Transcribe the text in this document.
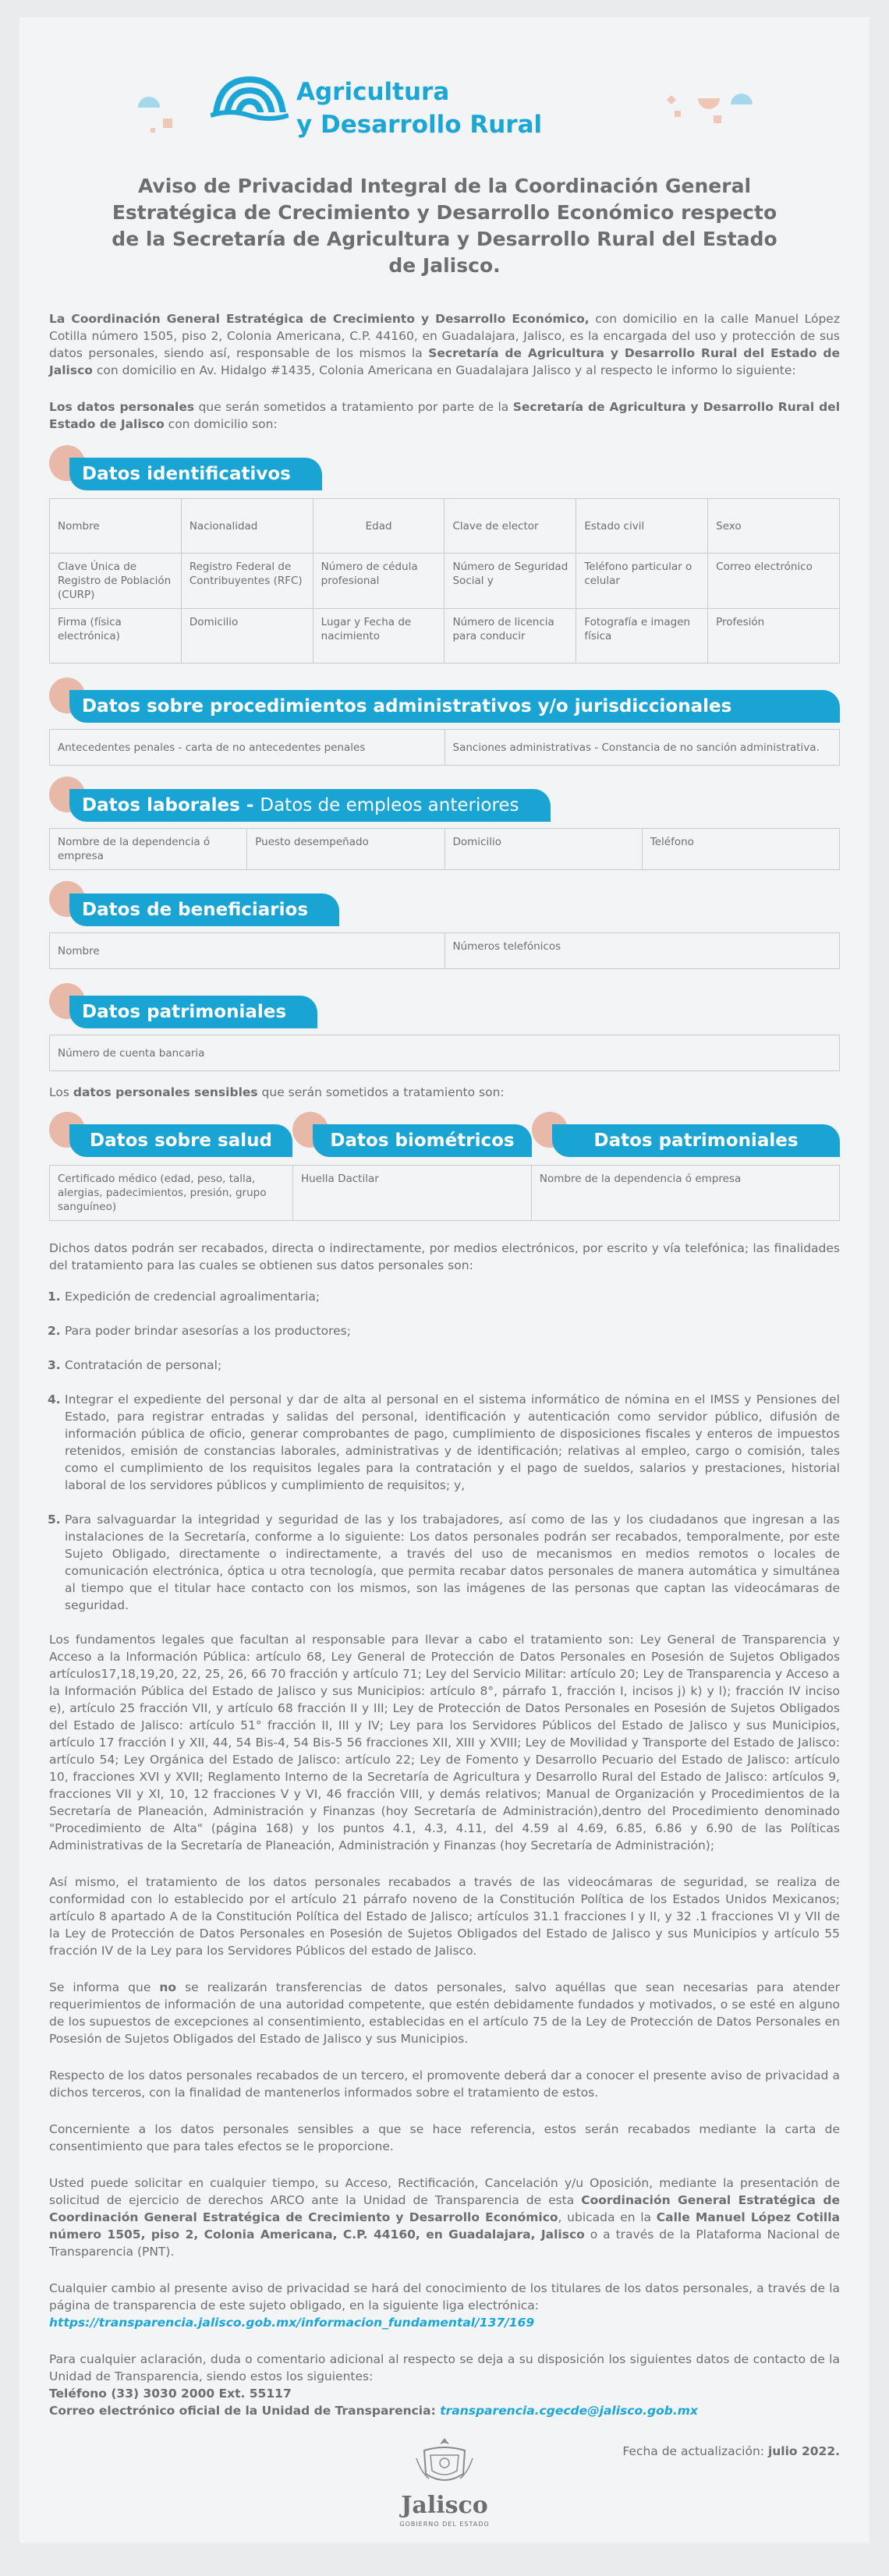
Agricultura
y Desarrollo Rural
Aviso de Privacidad Integral de la Coordinación General Estratégica de Crecimiento y Desarrollo Económico respecto de la Secretaría de Agricultura y Desarrollo Rural del Estado de Jalisco.

La Coordinación General Estratégica de Crecimiento y Desarrollo Económico, con domicilio en la calle Manuel López Cotilla número 1505, piso 2, Colonia Americana, C.P. 44160, en Guadalajara, Jalisco, es la encargada del uso y protección de sus datos personales, siendo así, responsable de los mismos la Secretaría de Agricultura y Desarrollo Rural del Estado de Jalisco con domicilio en Av. Hidalgo #1435, Colonia Americana en Guadalajara Jalisco y al respecto le informo lo siguiente:

Los datos personales que serán sometidos a tratamiento por parte de la Secretaría de Agricultura y Desarrollo Rural del Estado de Jalisco con domicilio son:

Datos identificativos
Nombre	Nacionalidad	Edad	Clave de elector	Estado civil	Sexo
Clave Única de Registro de Población (CURP)	Registro Federal de Contribuyentes (RFC)	Número de cédula profesional	Número de Seguridad Social y	Teléfono particular o celular	Correo electrónico
Firma (física electrónica)	Domicilio	Lugar y Fecha de nacimiento	Número de licencia para conducir	Fotografía e imagen física	Profesión
Datos sobre procedimientos administrativos y/o jurisdiccionales
Antecedentes penales - carta de no antecedentes penales	Sanciones administrativas - Constancia de no sanción administrativa.
Datos laborales - Datos de empleos anteriores
Nombre de la dependencia ó empresa	Puesto desempeñado	Domicilio	Teléfono
Datos de beneficiarios
Nombre	Números telefónicos
Datos patrimoniales
Número de cuenta bancaria

Los datos personales sensibles que serán sometidos a tratamiento son:

Datos sobre salud	Datos biométricos	Datos patrimoniales
Certificado médico (edad, peso, talla, alergias, padecimientos, presión, grupo sanguíneo)	Huella Dactilar	Nombre de la dependencia ó empresa

Dichos datos podrán ser recabados, directa o indirectamente, por medios electrónicos, por escrito y vía telefónica; las finalidades del tratamiento para las cuales se obtienen sus datos personales son:

1. Expedición de credencial agroalimentaria;
2. Para poder brindar asesorías a los productores;
3. Contratación de personal;
4. Integrar el expediente del personal y dar de alta al personal en el sistema informático de nómina en el IMSS y Pensiones del Estado, para registrar entradas y salidas del personal, identificación y autenticación como servidor público, difusión de información pública de oficio, generar comprobantes de pago, cumplimiento de disposiciones fiscales y enteros de impuestos retenidos, emisión de constancias laborales, administrativas y de identificación; relativas al empleo, cargo o comisión, tales como el cumplimiento de los requisitos legales para la contratación y el pago de sueldos, salarios y prestaciones, historial laboral de los servidores públicos y cumplimiento de requisitos; y,
5. Para salvaguardar la integridad y seguridad de las y los trabajadores, así como de las y los ciudadanos que ingresan a las instalaciones de la Secretaría, conforme a lo siguiente: Los datos personales podrán ser recabados, temporalmente, por este Sujeto Obligado, directamente o indirectamente, a través del uso de mecanismos en medios remotos o locales de comunicación electrónica, óptica u otra tecnología, que permita recabar datos personales de manera automática y simultánea al tiempo que el titular hace contacto con los mismos, son las imágenes de las personas que captan las videocámaras de seguridad.

Los fundamentos legales que facultan al responsable para llevar a cabo el tratamiento son: Ley General de Transparencia y Acceso a la Información Pública: artículo 68, Ley General de Protección de Datos Personales en Posesión de Sujetos Obligados artículos17,18,19,20, 22, 25, 26, 66 70 fracción y artículo 71; Ley del Servicio Militar: artículo 20; Ley de Transparencia y Acceso a la Información Pública del Estado de Jalisco y sus Municipios: artículo 8°, párrafo 1, fracción I, incisos j) k) y l); fracción IV inciso e), artículo 25 fracción VII, y artículo 68 fracción II y III; Ley de Protección de Datos Personales en Posesión de Sujetos Obligados del Estado de Jalisco: artículo 51° fracción II, III y IV; Ley para los Servidores Públicos del Estado de Jalisco y sus Municipios, artículo 17 fracción I y XII, 44, 54 Bis-4, 54 Bis-5 56 fracciones XII, XIII y XVIII; Ley de Movilidad y Transporte del Estado de Jalisco: artículo 54; Ley Orgánica del Estado de Jalisco: artículo 22; Ley de Fomento y Desarrollo Pecuario del Estado de Jalisco: artículo 10, fracciones XVI y XVII; Reglamento Interno de la Secretaría de Agricultura y Desarrollo Rural del Estado de Jalisco: artículos 9, fracciones VII y XI, 10, 12 fracciones V y VI, 46 fracción VIII, y demás relativos; Manual de Organización y Procedimientos de la Secretaría de Planeación, Administración y Finanzas (hoy Secretaría de Administración),dentro del Procedimiento denominado "Procedimiento de Alta" (página 168) y los puntos 4.1, 4.3, 4.11, del 4.59 al 4.69, 6.85, 6.86 y 6.90 de las Políticas Administrativas de la Secretaría de Planeación, Administración y Finanzas (hoy Secretaría de Administración);

Así mismo, el tratamiento de los datos personales recabados a través de las videocámaras de seguridad, se realiza de conformidad con lo establecido por el artículo 21 párrafo noveno de la Constitución Política de los Estados Unidos Mexicanos; artículo 8 apartado A de la Constitución Política del Estado de Jalisco; artículos 31.1 fracciones I y II, y 32 .1 fracciones VI y VII de la Ley de Protección de Datos Personales en Posesión de Sujetos Obligados del Estado de Jalisco y sus Municipios y artículo 55 fracción IV de la Ley para los Servidores Públicos del estado de Jalisco.

Se informa que no se realizarán transferencias de datos personales, salvo aquéllas que sean necesarias para atender requerimientos de información de una autoridad competente, que estén debidamente fundados y motivados, o se esté en alguno de los supuestos de excepciones al consentimiento, establecidas en el artículo 75 de la Ley de Protección de Datos Personales en Posesión de Sujetos Obligados del Estado de Jalisco y sus Municipios.

Respecto de los datos personales recabados de un tercero, el promovente deberá dar a conocer el presente aviso de privacidad a dichos terceros, con la finalidad de mantenerlos informados sobre el tratamiento de estos.

Concerniente a los datos personales sensibles a que se hace referencia, estos serán recabados mediante la carta de consentimiento que para tales efectos se le proporcione.

Usted puede solicitar en cualquier tiempo, su Acceso, Rectificación, Cancelación y/u Oposición, mediante la presentación de solicitud de ejercicio de derechos ARCO ante la Unidad de Transparencia de esta Coordinación General Estratégica de Coordinación General Estratégica de Crecimiento y Desarrollo Económico, ubicada en la Calle Manuel López Cotilla número 1505, piso 2, Colonia Americana, C.P. 44160, en Guadalajara, Jalisco o a través de la Plataforma Nacional de Transparencia (PNT).

Cualquier cambio al presente aviso de privacidad se hará del conocimiento de los titulares de los datos personales, a través de la página de transparencia de este sujeto obligado, en la siguiente liga electrónica:
https://transparencia.jalisco.gob.mx/informacion_fundamental/137/169

Para cualquier aclaración, duda o comentario adicional al respecto se deja a su disposición los siguientes datos de contacto de la Unidad de Transparencia, siendo estos los siguientes:
Teléfono (33) 3030 2000 Ext. 55117
Correo electrónico oficial de la Unidad de Transparencia: transparencia.cgecde@jalisco.gob.mx

Fecha de actualización: julio 2022.

Jalisco
GOBIERNO DEL ESTADO
